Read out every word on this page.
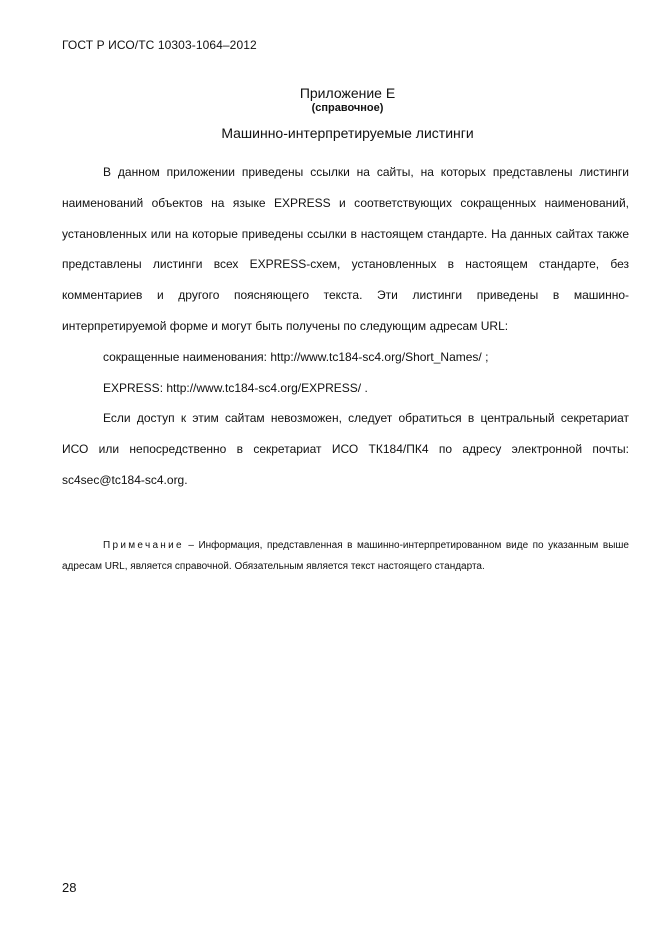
ГОСТ Р ИСО/ТС 10303-1064–2012
Приложение Е
(справочное)
Машинно-интерпретируемые листинги

В данном приложении приведены ссылки на сайты, на которых представлены листинги наименований объектов на языке EXPRESS и соответствующих сокращенных наименований, установленных или на которые приведены ссылки в настоящем стандарте. На данных сайтах также представлены листинги всех EXPRESS-схем, установленных в настоящем стандарте, без комментариев и другого поясняющего текста. Эти листинги приведены в машинно-интерпретируемой форме и могут быть получены по следующим адресам URL:

сокращенные наименования: http://www.tc184-sc4.org/Short_Names/ ;

EXPRESS: http://www.tc184-sc4.org/EXPRESS/ .

Если доступ к этим сайтам невозможен, следует обратиться в центральный секретариат ИСО или непосредственно в секретариат ИСО ТК184/ПК4 по адресу электронной почты: sc4sec@tc184-sc4.org.

Примечание – Информация, представленная в машинно-интерпретированном виде по указанным выше адресам URL, является справочной. Обязательным является текст настоящего стандарта.
28
